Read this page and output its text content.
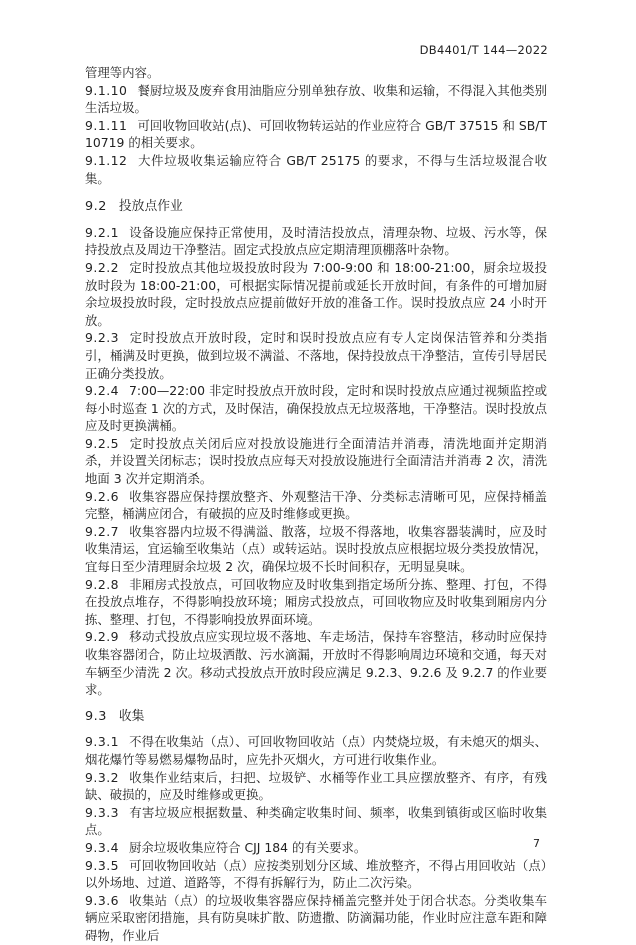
DB4401/T 144—2022

管理等内容。

9.1.10 餐厨垃圾及废弃食用油脂应分别单独存放、收集和运输，不得混入其他类别生活垃圾。

9.1.11 可回收物回收站(点)、可回收物转运站的作业应符合 GB/T 37515 和 SB/T 10719 的相关要求。

9.1.12 大件垃圾收集运输应符合 GB/T 25175 的要求，不得与生活垃圾混合收集。

9.2 投放点作业

9.2.1 设备设施应保持正常使用，及时清洁投放点，清理杂物、垃圾、污水等，保持投放点及周边干净整洁。固定式投放点应定期清理顶棚落叶杂物。

9.2.2 定时投放点其他垃圾投放时段为 7:00-9:00 和 18:00-21:00，厨余垃圾投放时段为 18:00-21:00，可根据实际情况提前或延长开放时间，有条件的可增加厨余垃圾投放时段，定时投放点应提前做好开放的准备工作。误时投放点应 24 小时开放。

9.2.3 定时投放点开放时段，定时和误时投放点应有专人定岗保洁管养和分类指引，桶满及时更换，做到垃圾不满溢、不落地，保持投放点干净整洁，宣传引导居民正确分类投放。

9.2.4 7:00—22:00 非定时投放点开放时段，定时和误时投放点应通过视频监控或每小时巡查 1 次的方式，及时保洁，确保投放点无垃圾落地，干净整洁。误时投放点应及时更换满桶。

9.2.5 定时投放点关闭后应对投放设施进行全面清洁并消毒，清洗地面并定期消杀，并设置关闭标志；误时投放点应每天对投放设施进行全面清洁并消毒 2 次，清洗地面 3 次并定期消杀。

9.2.6 收集容器应保持摆放整齐、外观整洁干净、分类标志清晰可见，应保持桶盖完整，桶满应闭合，有破损的应及时维修或更换。

9.2.7 收集容器内垃圾不得满溢、散落，垃圾不得落地，收集容器装满时，应及时收集清运，宜运输至收集站（点）或转运站。误时投放点应根据垃圾分类投放情况，宜每日至少清理厨余垃圾 2 次，确保垃圾不长时间积存，无明显臭味。

9.2.8 非厢房式投放点，可回收物应及时收集到指定场所分拣、整理、打包，不得在投放点堆存，不得影响投放环境；厢房式投放点，可回收物应及时收集到厢房内分拣、整理、打包，不得影响投放界面环境。

9.2.9 移动式投放点应实现垃圾不落地、车走场洁，保持车容整洁，移动时应保持收集容器闭合，防止垃圾洒散、污水滴漏，开放时不得影响周边环境和交通，每天对车辆至少清洗 2 次。移动式投放点开放时段应满足 9.2.3、9.2.6 及 9.2.7 的作业要求。

9.3 收集

9.3.1 不得在收集站（点）、可回收物回收站（点）内焚烧垃圾，有未熄灭的烟头、烟花爆竹等易燃易爆物品时，应先扑灭烟火，方可进行收集作业。

9.3.2 收集作业结束后，扫把、垃圾铲、水桶等作业工具应摆放整齐、有序，有残缺、破损的，应及时维修或更换。

9.3.3 有害垃圾应根据数量、种类确定收集时间、频率，收集到镇街或区临时收集点。

9.3.4 厨余垃圾收集应符合 CJJ 184 的有关要求。

9.3.5 可回收物回收站（点）应按类别划分区域、堆放整齐，不得占用回收站（点）以外场地、过道、道路等，不得有拆解行为，防止二次污染。

9.3.6 收集站（点）的垃圾收集容器应保持桶盖完整并处于闭合状态。分类收集车辆应采取密闭措施，具有防臭味扩散、防遗撒、防滴漏功能，作业时应注意车距和障碍物，作业后

7
